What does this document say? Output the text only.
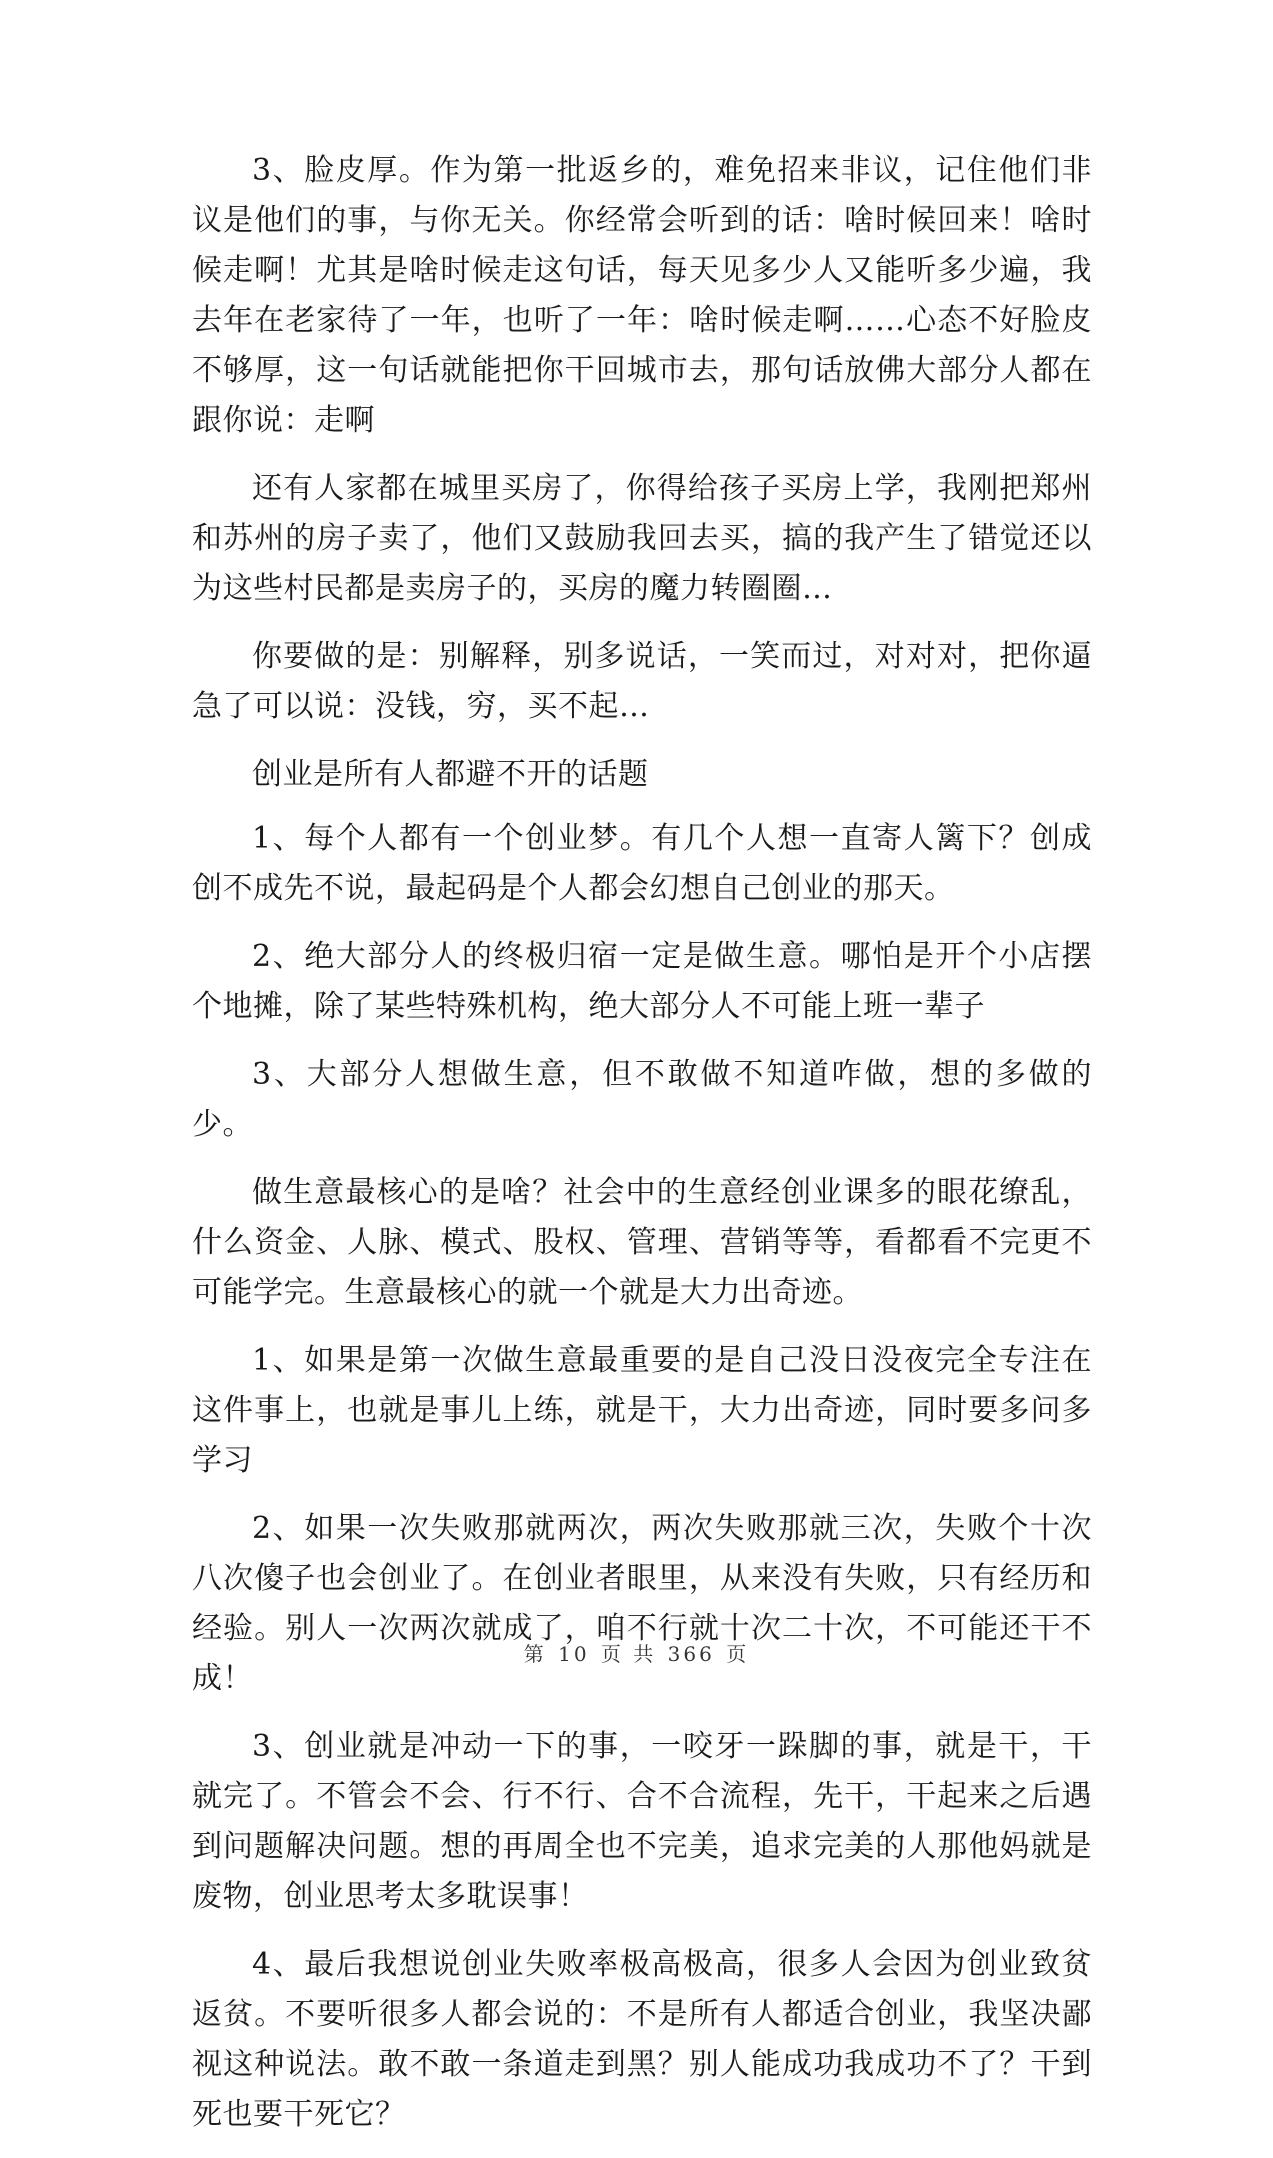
3、脸皮厚。作为第一批返乡的，难免招来非议，记住他们非议是他们的事，与你无关。你经常会听到的话：啥时候回来！啥时候走啊！尤其是啥时候走这句话，每天见多少人又能听多少遍，我去年在老家待了一年，也听了一年：啥时候走啊……心态不好脸皮不够厚，这一句话就能把你干回城市去，那句话放佛大部分人都在跟你说：走啊

还有人家都在城里买房了，你得给孩子买房上学，我刚把郑州和苏州的房子卖了，他们又鼓励我回去买，搞的我产生了错觉还以为这些村民都是卖房子的，买房的魔力转圈圈…

你要做的是：别解释，别多说话，一笑而过，对对对，把你逼急了可以说：没钱，穷，买不起…

创业是所有人都避不开的话题

1、每个人都有一个创业梦。有几个人想一直寄人篱下？创成创不成先不说，最起码是个人都会幻想自己创业的那天。

2、绝大部分人的终极归宿一定是做生意。哪怕是开个小店摆个地摊，除了某些特殊机构，绝大部分人不可能上班一辈子

3、大部分人想做生意，但不敢做不知道咋做，想的多做的少。

做生意最核心的是啥？社会中的生意经创业课多的眼花缭乱，什么资金、人脉、模式、股权、管理、营销等等，看都看不完更不可能学完。生意最核心的就一个就是大力出奇迹。

1、如果是第一次做生意最重要的是自己没日没夜完全专注在这件事上，也就是事儿上练，就是干，大力出奇迹，同时要多问多学习

2、如果一次失败那就两次，两次失败那就三次，失败个十次八次傻子也会创业了。在创业者眼里，从来没有失败，只有经历和经验。别人一次两次就成了，咱不行就十次二十次，不可能还干不成！

3、创业就是冲动一下的事，一咬牙一跺脚的事，就是干，干就完了。不管会不会、行不行、合不合流程，先干，干起来之后遇到问题解决问题。想的再周全也不完美，追求完美的人那他妈就是废物，创业思考太多耽误事！

4、最后我想说创业失败率极高极高，很多人会因为创业致贫返贫。不要听很多人都会说的：不是所有人都适合创业，我坚决鄙视这种说法。敢不敢一条道走到黑？别人能成功我成功不了？干到死也要干死它？

第 10 页 共 366 页
